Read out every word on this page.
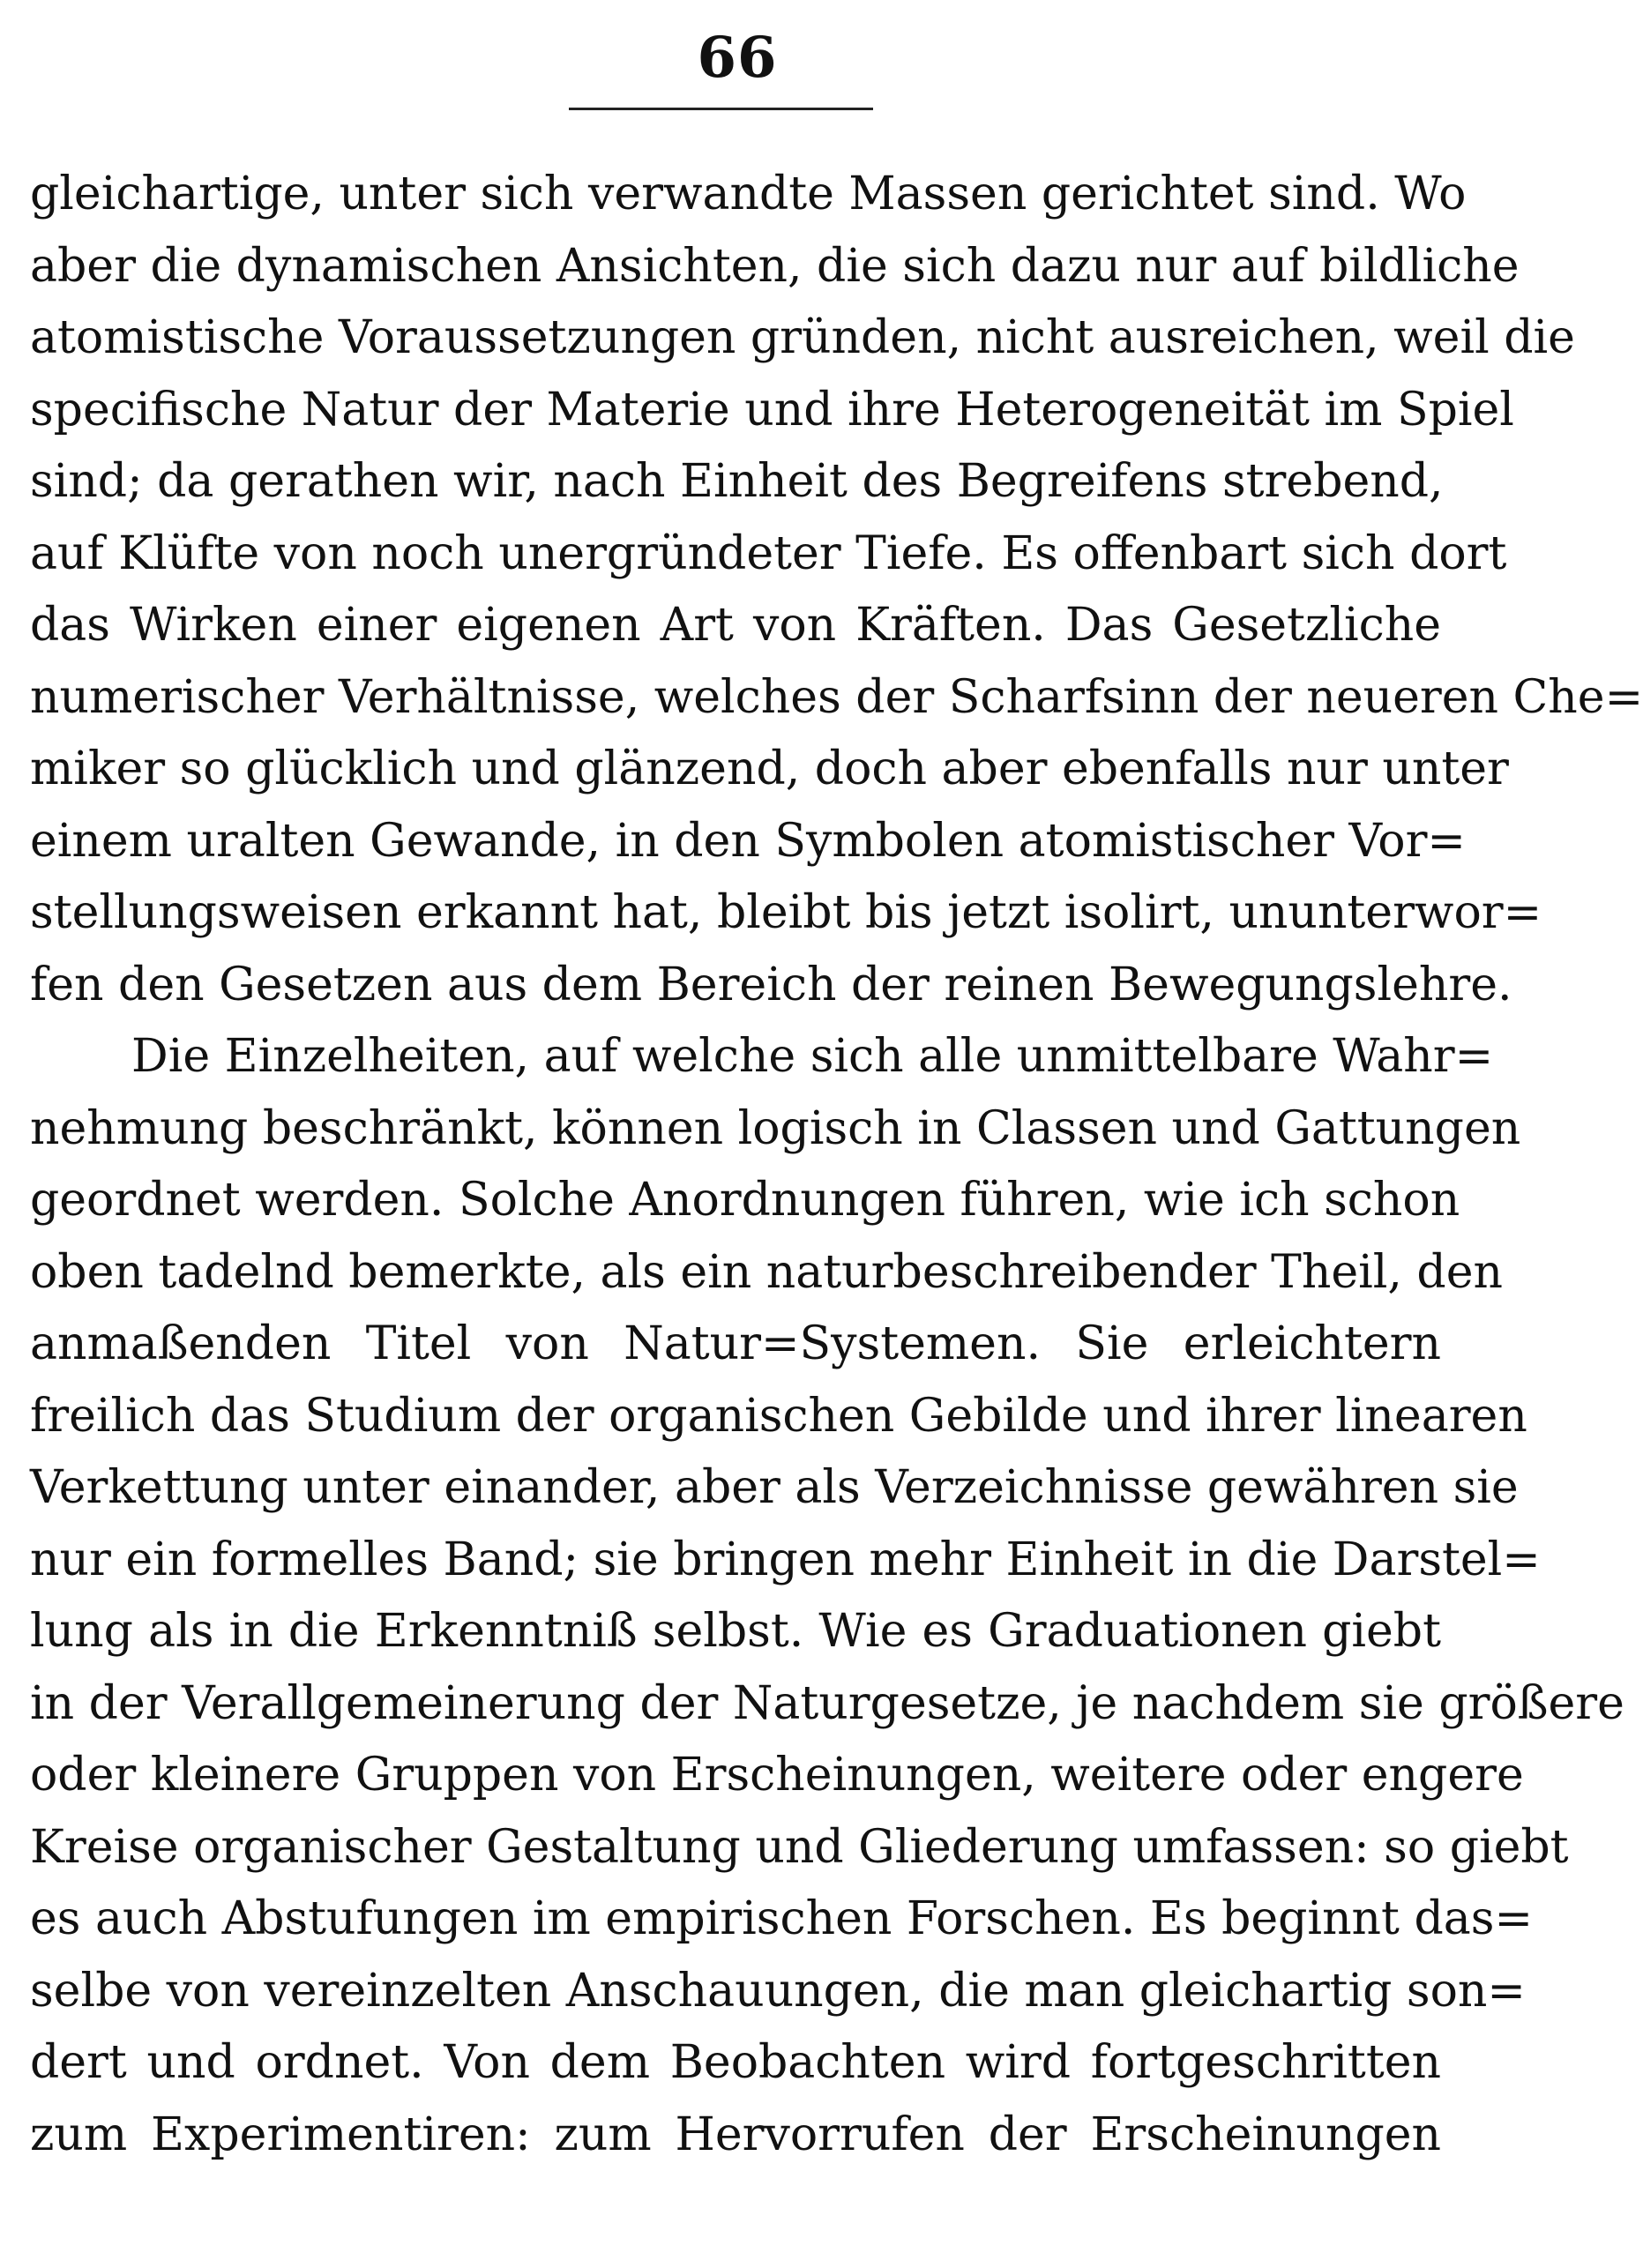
66
gleichartige, unter sich verwandte Massen gerichtet sind. Wo
aber die dynamischen Ansichten, die sich dazu nur auf bildliche
atomistische Voraussetzungen gründen, nicht ausreichen, weil die
specifische Natur der Materie und ihre Heterogeneität im Spiel
sind; da gerathen wir, nach Einheit des Begreifens strebend,
auf Klüfte von noch unergründeter Tiefe. Es offenbart sich dort
das Wirken einer eigenen Art von Kräften. Das Gesetzliche
numerischer Verhältnisse, welches der Scharfsinn der neueren Che=
miker so glücklich und glänzend, doch aber ebenfalls nur unter
einem uralten Gewande, in den Symbolen atomistischer Vor=
stellungsweisen erkannt hat, bleibt bis jetzt isolirt, ununterwor=
fen den Gesetzen aus dem Bereich der reinen Bewegungslehre.
Die Einzelheiten, auf welche sich alle unmittelbare Wahr=
nehmung beschränkt, können logisch in Classen und Gattungen
geordnet werden. Solche Anordnungen führen, wie ich schon
oben tadelnd bemerkte, als ein naturbeschreibender Theil, den
anmaßenden Titel von Natur=Systemen. Sie erleichtern
freilich das Studium der organischen Gebilde und ihrer linearen
Verkettung unter einander, aber als Verzeichnisse gewähren sie
nur ein formelles Band; sie bringen mehr Einheit in die Darstel=
lung als in die Erkenntniß selbst. Wie es Graduationen giebt
in der Verallgemeinerung der Naturgesetze, je nachdem sie größere
oder kleinere Gruppen von Erscheinungen, weitere oder engere
Kreise organischer Gestaltung und Gliederung umfassen: so giebt
es auch Abstufungen im empirischen Forschen. Es beginnt das=
selbe von vereinzelten Anschauungen, die man gleichartig son=
dert und ordnet. Von dem Beobachten wird fortgeschritten
zum Experimentiren: zum Hervorrufen der Erscheinungen
